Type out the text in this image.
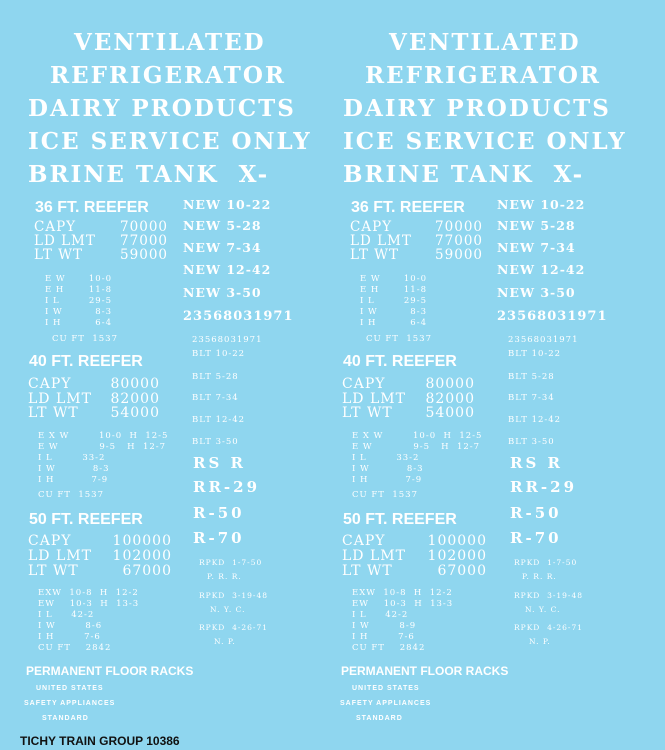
VENTILATED
REFRIGERATOR
DAIRY PRODUCTS
ICE SERVICE ONLY
BRINE TANK  X-
36 FT. REEFER
CAPY	70000
LD LMT	77000
LT WT	59000
E W	10-0
E H	11-8
I L	29-5
I W	8-3
I H	6-4
CU FT  1537
NEW 10-22
NEW 5-28
NEW 7-34
NEW 12-42
NEW 3-50
23568031971
23568031971
BLT 10-22
BLT 5-28
BLT 7-34
BLT 12-42
BLT 3-50
RS R
RR-29
R-50
R-70
RPKD  1-7-50
P. R. R.
RPKD  3-19-48
N. Y. C.
RPKD  4-26-71
N. P.
40 FT. REEFER
CAPY	80000
LD LMT	82000
LT WT	54000
E X W        10-0  H  12-5
E W           9-5   H  12-7
I L        33-2
I W          8-3
I H          7-9
CU FT  1537
50 FT. REEFER
CAPY	100000
LD LMT	102000
LT WT	67000
EXW  10-8  H  12-2
EW    10-3  H  13-3
I L     42-2
I W        8-6
I H        7-6
CU FT    2842
PERMANENT FLOOR RACKS
UNITED STATES
SAFETY APPLIANCES
STANDARD
VENTILATED
REFRIGERATOR
DAIRY PRODUCTS
ICE SERVICE ONLY
BRINE TANK  X-
36 FT. REEFER
CAPY	70000
LD LMT	77000
LT WT	59000
E W	10-0
E H	11-8
I L	29-5
I W	8-3
I H	6-4
CU FT  1537
NEW 10-22
NEW 5-28
NEW 7-34
NEW 12-42
NEW 3-50
23568031971
23568031971
BLT 10-22
BLT 5-28
BLT 7-34
BLT 12-42
BLT 3-50
RS R
RR-29
R-50
R-70
RPKD  1-7-50
P. R. R.
RPKD  3-19-48
N. Y. C.
RPKD  4-26-71
N. P.
40 FT. REEFER
CAPY	80000
LD LMT	82000
LT WT	54000
E X W        10-0  H  12-5
E W           9-5   H  12-7
I L        33-2
I W          8-3
I H          7-9
CU FT  1537
50 FT. REEFER
CAPY	100000
LD LMT	102000
LT WT	67000
EXW  10-8  H  12-2
EW    10-3  H  13-3
I L     42-2
I W        8-9
I H        7-6
CU FT    2842
PERMANENT FLOOR RACKS
UNITED STATES
SAFETY APPLIANCES
STANDARD
TICHY TRAIN GROUP 10386
